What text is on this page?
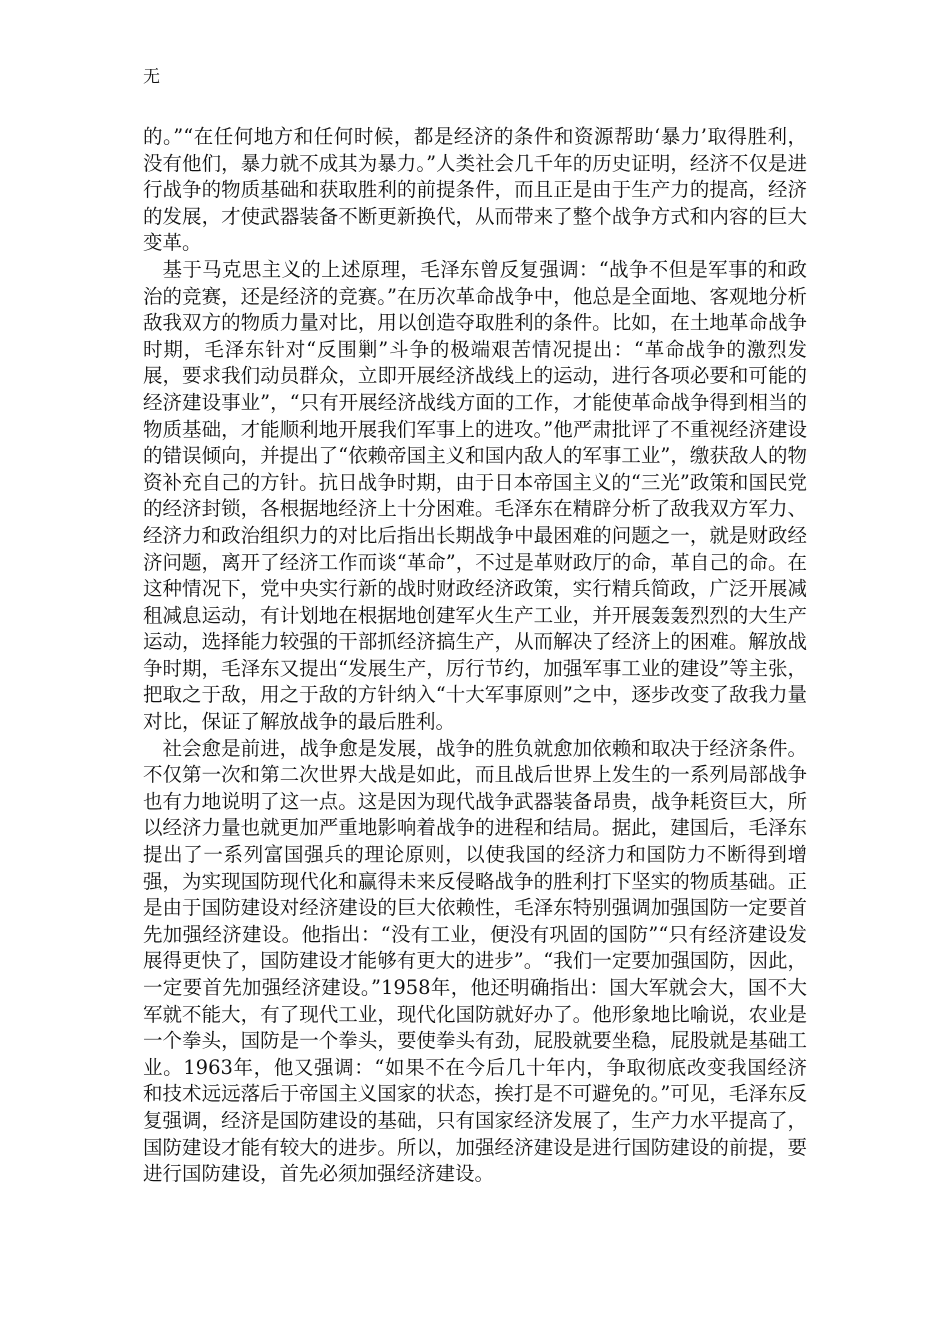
无

的。”“在任何地方和任何时候，都是经济的条件和资源帮助‘暴力’取得胜利，没有他们，暴力就不成其为暴力。”人类社会几千年的历史证明，经济不仅是进行战争的物质基础和获取胜利的前提条件，而且正是由于生产力的提高，经济的发展，才使武器装备不断更新换代，从而带来了整个战争方式和内容的巨大变革。

基于马克思主义的上述原理，毛泽东曾反复强调：“战争不但是军事的和政治的竞赛，还是经济的竞赛。”在历次革命战争中，他总是全面地、客观地分析敌我双方的物质力量对比，用以创造夺取胜利的条件。比如，在土地革命战争时期，毛泽东针对“反围剿”斗争的极端艰苦情况提出：“革命战争的激烈发展，要求我们动员群众，立即开展经济战线上的运动，进行各项必要和可能的经济建设事业”，“只有开展经济战线方面的工作，才能使革命战争得到相当的物质基础，才能顺利地开展我们军事上的进攻。”他严肃批评了不重视经济建设的错误倾向，并提出了“依赖帝国主义和国内敌人的军事工业”，缴获敌人的物资补充自己的方针。抗日战争时期，由于日本帝国主义的“三光”政策和国民党的经济封锁，各根据地经济上十分困难。毛泽东在精辟分析了敌我双方军力、经济力和政治组织力的对比后指出长期战争中最困难的问题之一，就是财政经济问题，离开了经济工作而谈“革命”，不过是革财政厅的命，革自己的命。在这种情况下，党中央实行新的战时财政经济政策，实行精兵简政，广泛开展减租减息运动，有计划地在根据地创建军火生产工业，并开展轰轰烈烈的大生产运动，选择能力较强的干部抓经济搞生产，从而解决了经济上的困难。解放战争时期，毛泽东又提出“发展生产，厉行节约，加强军事工业的建设”等主张，把取之于敌，用之于敌的方针纳入“十大军事原则”之中，逐步改变了敌我力量对比，保证了解放战争的最后胜利。

社会愈是前进，战争愈是发展，战争的胜负就愈加依赖和取决于经济条件。不仅第一次和第二次世界大战是如此，而且战后世界上发生的一系列局部战争也有力地说明了这一点。这是因为现代战争武器装备昂贵，战争耗资巨大，所以经济力量也就更加严重地影响着战争的进程和结局。据此，建国后，毛泽东提出了一系列富国强兵的理论原则，以使我国的经济力和国防力不断得到增强，为实现国防现代化和赢得未来反侵略战争的胜利打下坚实的物质基础。正是由于国防建设对经济建设的巨大依赖性，毛泽东特别强调加强国防一定要首先加强经济建设。他指出：“没有工业，便没有巩固的国防”“只有经济建设发展得更快了，国防建设才能够有更大的进步”。“我们一定要加强国防，因此，一定要首先加强经济建设。”1958年，他还明确指出：国大军就会大，国不大军就不能大，有了现代工业，现代化国防就好办了。他形象地比喻说，农业是一个拳头，国防是一个拳头，要使拳头有劲，屁股就要坐稳，屁股就是基础工业。1963年，他又强调：“如果不在今后几十年内，争取彻底改变我国经济和技术远远落后于帝国主义国家的状态，挨打是不可避免的。”可见，毛泽东反复强调，经济是国防建设的基础，只有国家经济发展了，生产力水平提高了，国防建设才能有较大的进步。所以，加强经济建设是进行国防建设的前提，要进行国防建设，首先必须加强经济建设。
